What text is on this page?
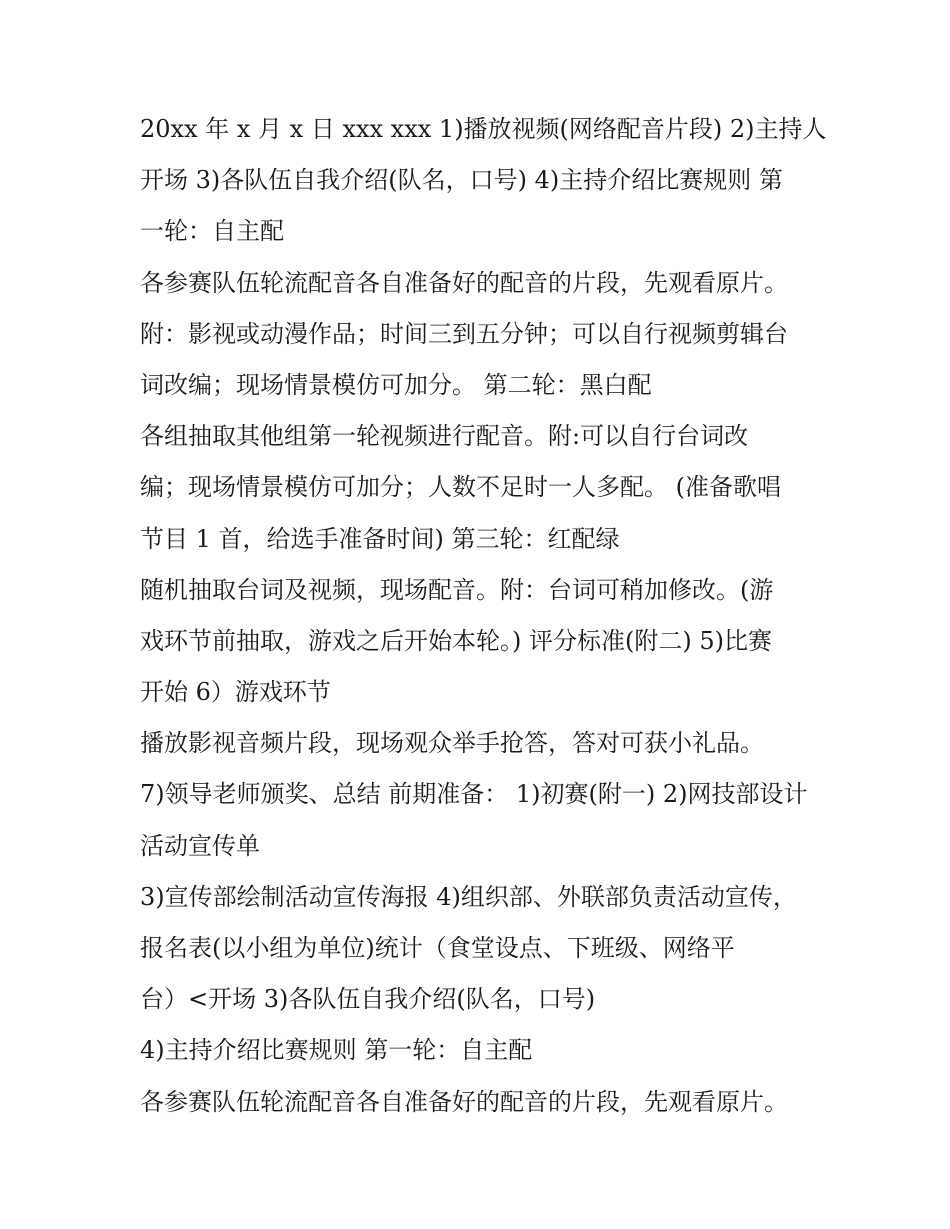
20xx 年 x 月 x 日 xxx xxx 1)播放视频(网络配音片段) 2)主持人
开场 3)各队伍自我介绍(队名，口号) 4)主持介绍比赛规则 第
一轮：自主配
各参赛队伍轮流配音各自准备好的配音的片段，先观看原片。
附：影视或动漫作品；时间三到五分钟；可以自行视频剪辑台
词改编；现场情景模仿可加分。 第二轮：黑白配
各组抽取其他组第一轮视频进行配音。附:可以自行台词改
编；现场情景模仿可加分；人数不足时一人多配。 (准备歌唱
节目 1 首，给选手准备时间) 第三轮：红配绿
随机抽取台词及视频，现场配音。附：台词可稍加修改。(游
戏环节前抽取，游戏之后开始本轮。) 评分标准(附二) 5)比赛
开始 6）游戏环节
播放影视音频片段，现场观众举手抢答，答对可获小礼品。
7)领导老师颁奖、总结 前期准备： 1)初赛(附一) 2)网技部设计
活动宣传单
3)宣传部绘制活动宣传海报 4)组织部、外联部负责活动宣传，
报名表(以小组为单位)统计（食堂设点、下班级、网络平
台）<开场 3)各队伍自我介绍(队名，口号)
4)主持介绍比赛规则 第一轮：自主配
各参赛队伍轮流配音各自准备好的配音的片段，先观看原片。
